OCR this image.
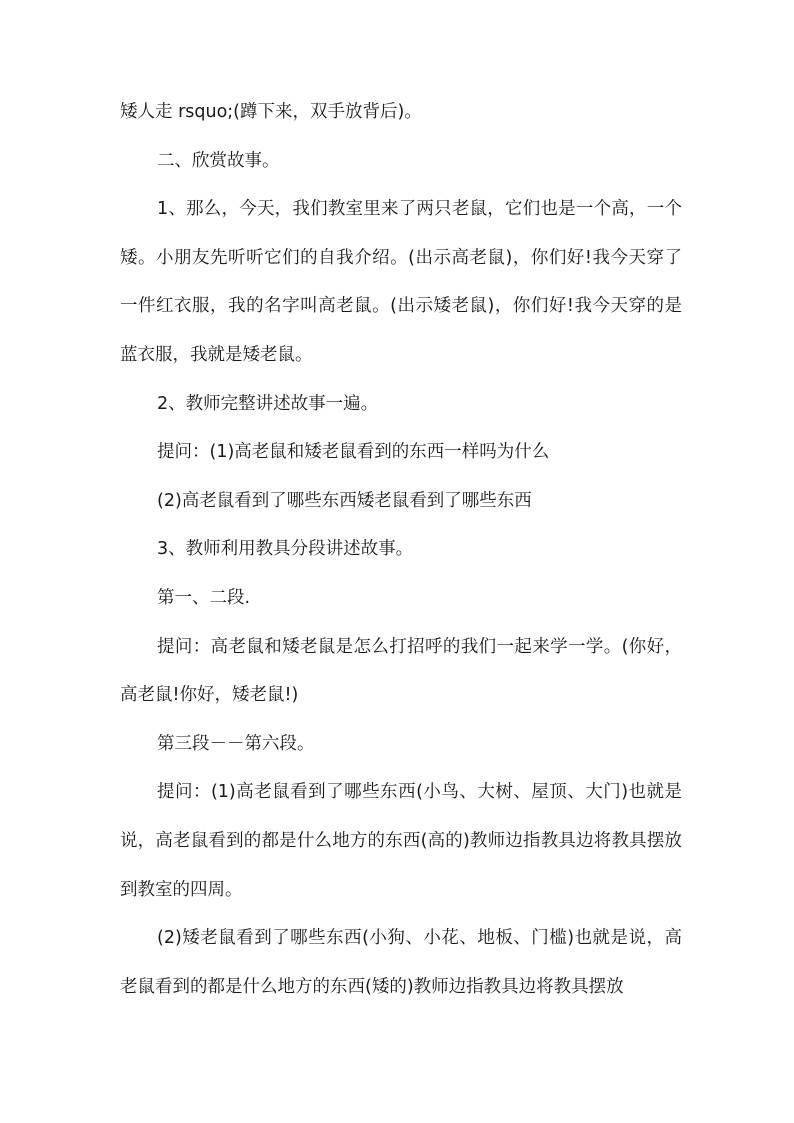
矮人走 rsquo;(蹲下来，双手放背后)。

二、欣赏故事。

1、那么，今天，我们教室里来了两只老鼠，它们也是一个高，一个矮。小朋友先听听它们的自我介绍。(出示高老鼠)，你们好!我今天穿了一件红衣服，我的名字叫高老鼠。(出示矮老鼠)，你们好!我今天穿的是蓝衣服，我就是矮老鼠。

2、教师完整讲述故事一遍。

提问：(1)高老鼠和矮老鼠看到的东西一样吗为什么

(2)高老鼠看到了哪些东西矮老鼠看到了哪些东西

3、教师利用教具分段讲述故事。

第一、二段.

提问：高老鼠和矮老鼠是怎么打招呼的我们一起来学一学。(你好，高老鼠!你好，矮老鼠!)

第三段－－第六段。

提问：(1)高老鼠看到了哪些东西(小鸟、大树、屋顶、大门)也就是说，高老鼠看到的都是什么地方的东西(高的)教师边指教具边将教具摆放到教室的四周。

(2)矮老鼠看到了哪些东西(小狗、小花、地板、门槛)也就是说，高老鼠看到的都是什么地方的东西(矮的)教师边指教具边将教具摆放
